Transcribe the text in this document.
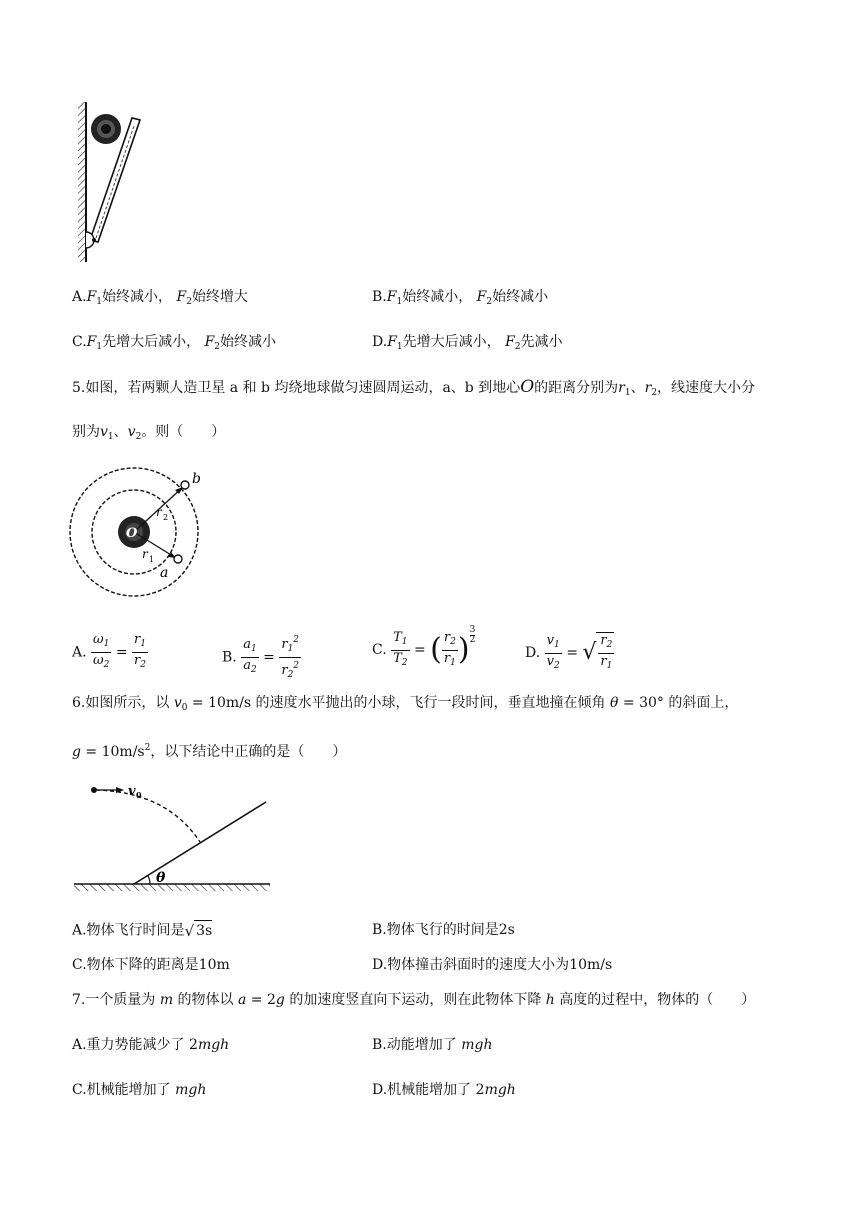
$A.F_1$始终减小， $F_2$始终增大	$B.F_1$始终减小， $F_2$始终减小
$C.F_1$先增大后减小， $F_2$始终减小	$D.F_1$先增大后减小， $F_2$先减小
5.如图，若两颗人造卫星 a 和 b 均绕地球做匀速圆周运动，a、b 到地心O的距离分别为$r_1$、$r_2$，线速度大小分
别为$v_1$、$v_2$。则（　　）
O
b
a
r 2
r 1
A. $\frac{\omega_1}{\omega_2} = \frac{r_1}{r_2}$	B. $\frac{a_1}{a_2} = \frac{r_1^2}{r_2^2}$	C. $\frac{T_1}{T_2}$ = ( $\frac{r_2}{r_1}$ ) $\frac{3}{2}$
D. $\frac{v_1}{v_2}$ = √ $\frac{r_2}{r_1}$
6.如图所示，以 $v_0 = 10m/s$ 的速度水平抛出的小球，飞行一段时间，垂直地撞在倾角 θ = 30° 的斜面上，
$g = 10m/s^2$，以下结论中正确的是（　　）
v 0
θ
A.物体飞行时间是 √ 3s	B.物体飞行的时间是2s
C.物体下降的距离是10m	D.物体撞击斜面时的速度大小为10m/s
7.一个质量为 m 的物体以 a = 2g 的加速度竖直向下运动，则在此物体下降 h 高度的过程中，物体的（　　）
A.重力势能减少了 2mgh	B.动能增加了 mgh
C.机械能增加了 mgh	D.机械能增加了 2mgh
